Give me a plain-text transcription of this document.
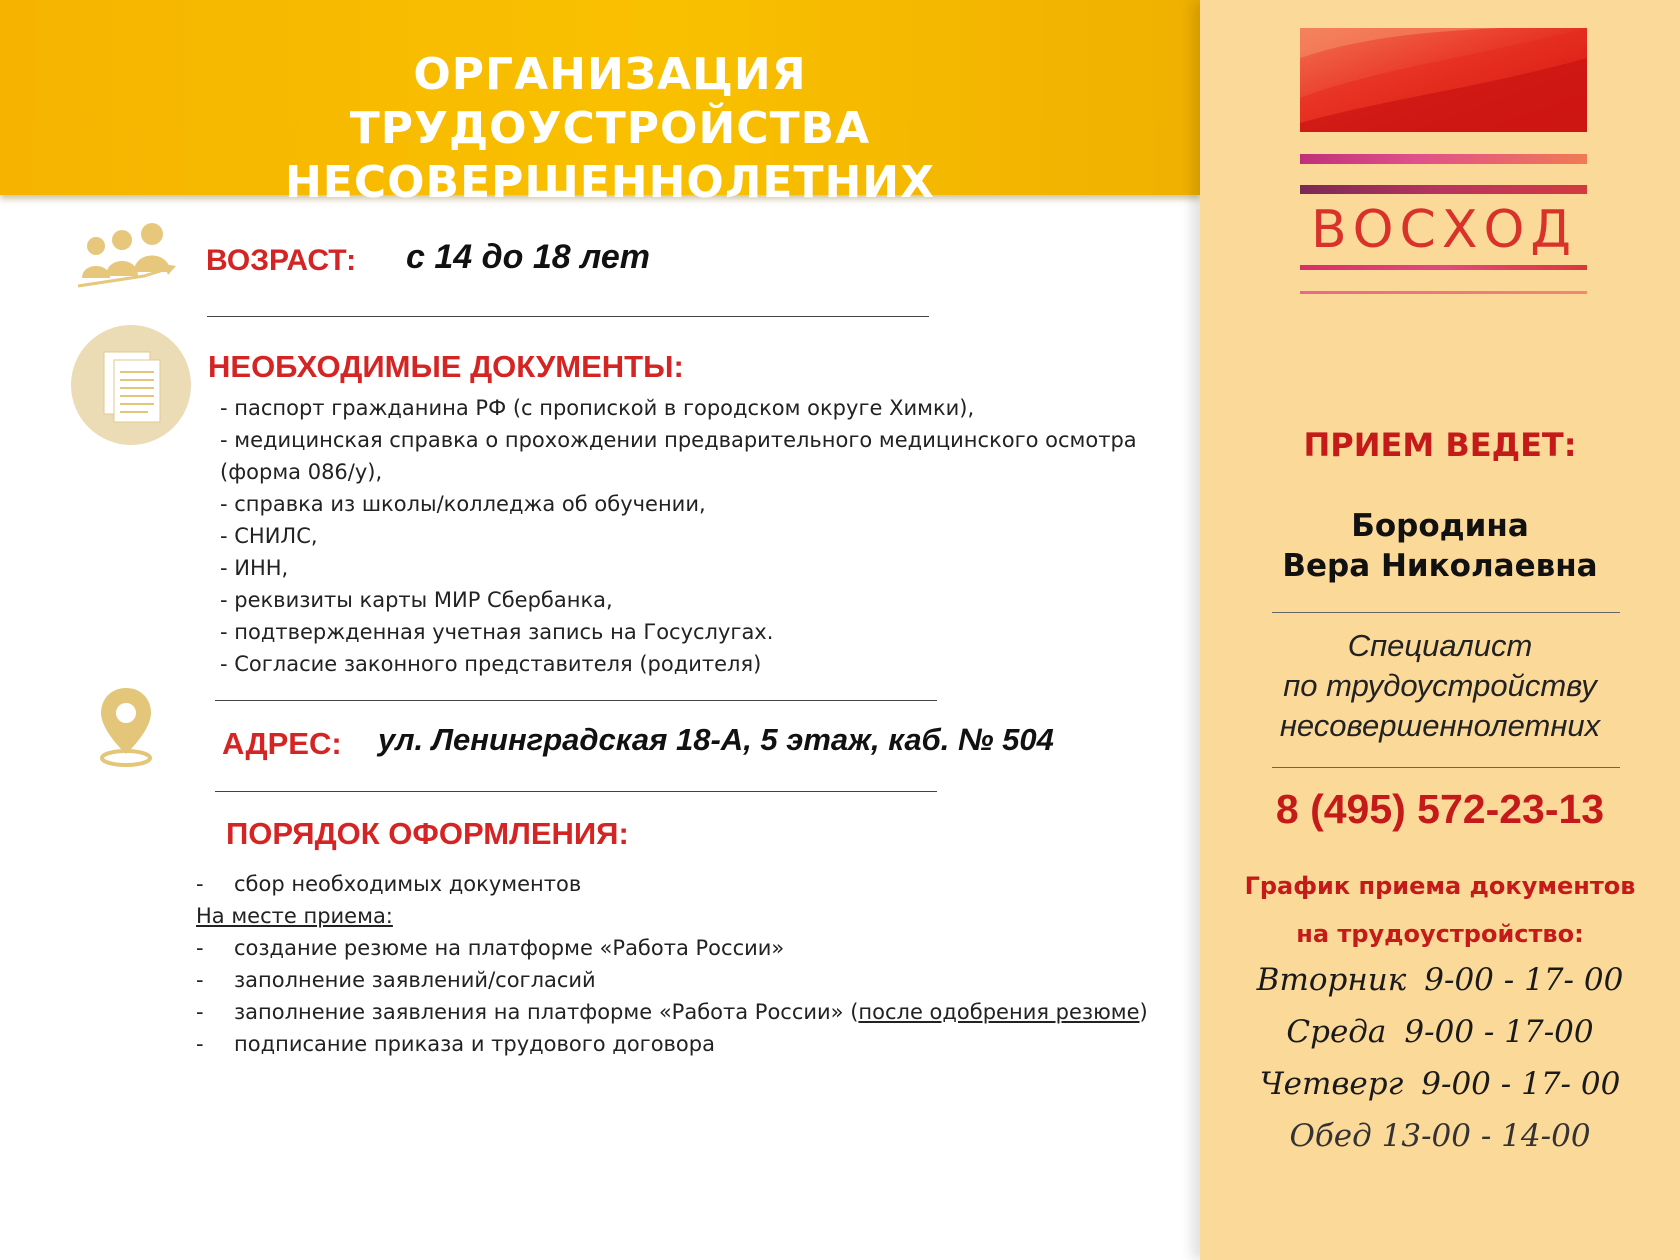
ОРГАНИЗАЦИЯ
ТРУДОУСТРОЙСТВА НЕСОВЕРШЕННОЛЕТНИХ
ВОСХОД
ВОЗРАСТ: с 14 до 18 лет
НЕОБХОДИМЫЕ ДОКУМЕНТЫ:
- паспорт гражданина РФ (с пропиской в городском округе Химки),
- медицинская справка о прохождении предварительного медицинского осмотра (форма 086/у),
- справка из школы/колледжа об обучении,
- СНИЛС,
- ИНН,
- реквизиты карты МИР Сбербанка,
- подтвержденная учетная запись на Госуслугах.
- Согласие законного представителя (родителя)
АДРЕС: ул. Ленинградская 18-А, 5 этаж, каб. № 504
ПОРЯДОК ОФОРМЛЕНИЯ:
- сбор необходимых документов
На месте приема:
- создание резюме на платформе «Работа России»
- заполнение заявлений/согласий
- заполнение заявления на платформе «Работа России» (после одобрения резюме)
- подписание приказа и трудового договора
ПРИЕМ ВЕДЕТ:
Бородина
Вера Николаевна
Специалист
по трудоустройству
несовершеннолетних
8 (495) 572-23-13
График приема документов
на трудоустройство:
Вторник 9-00 - 17- 00
Среда 9-00 - 17-00
Четверг 9-00 - 17- 00
Обед 13-00 - 14-00
